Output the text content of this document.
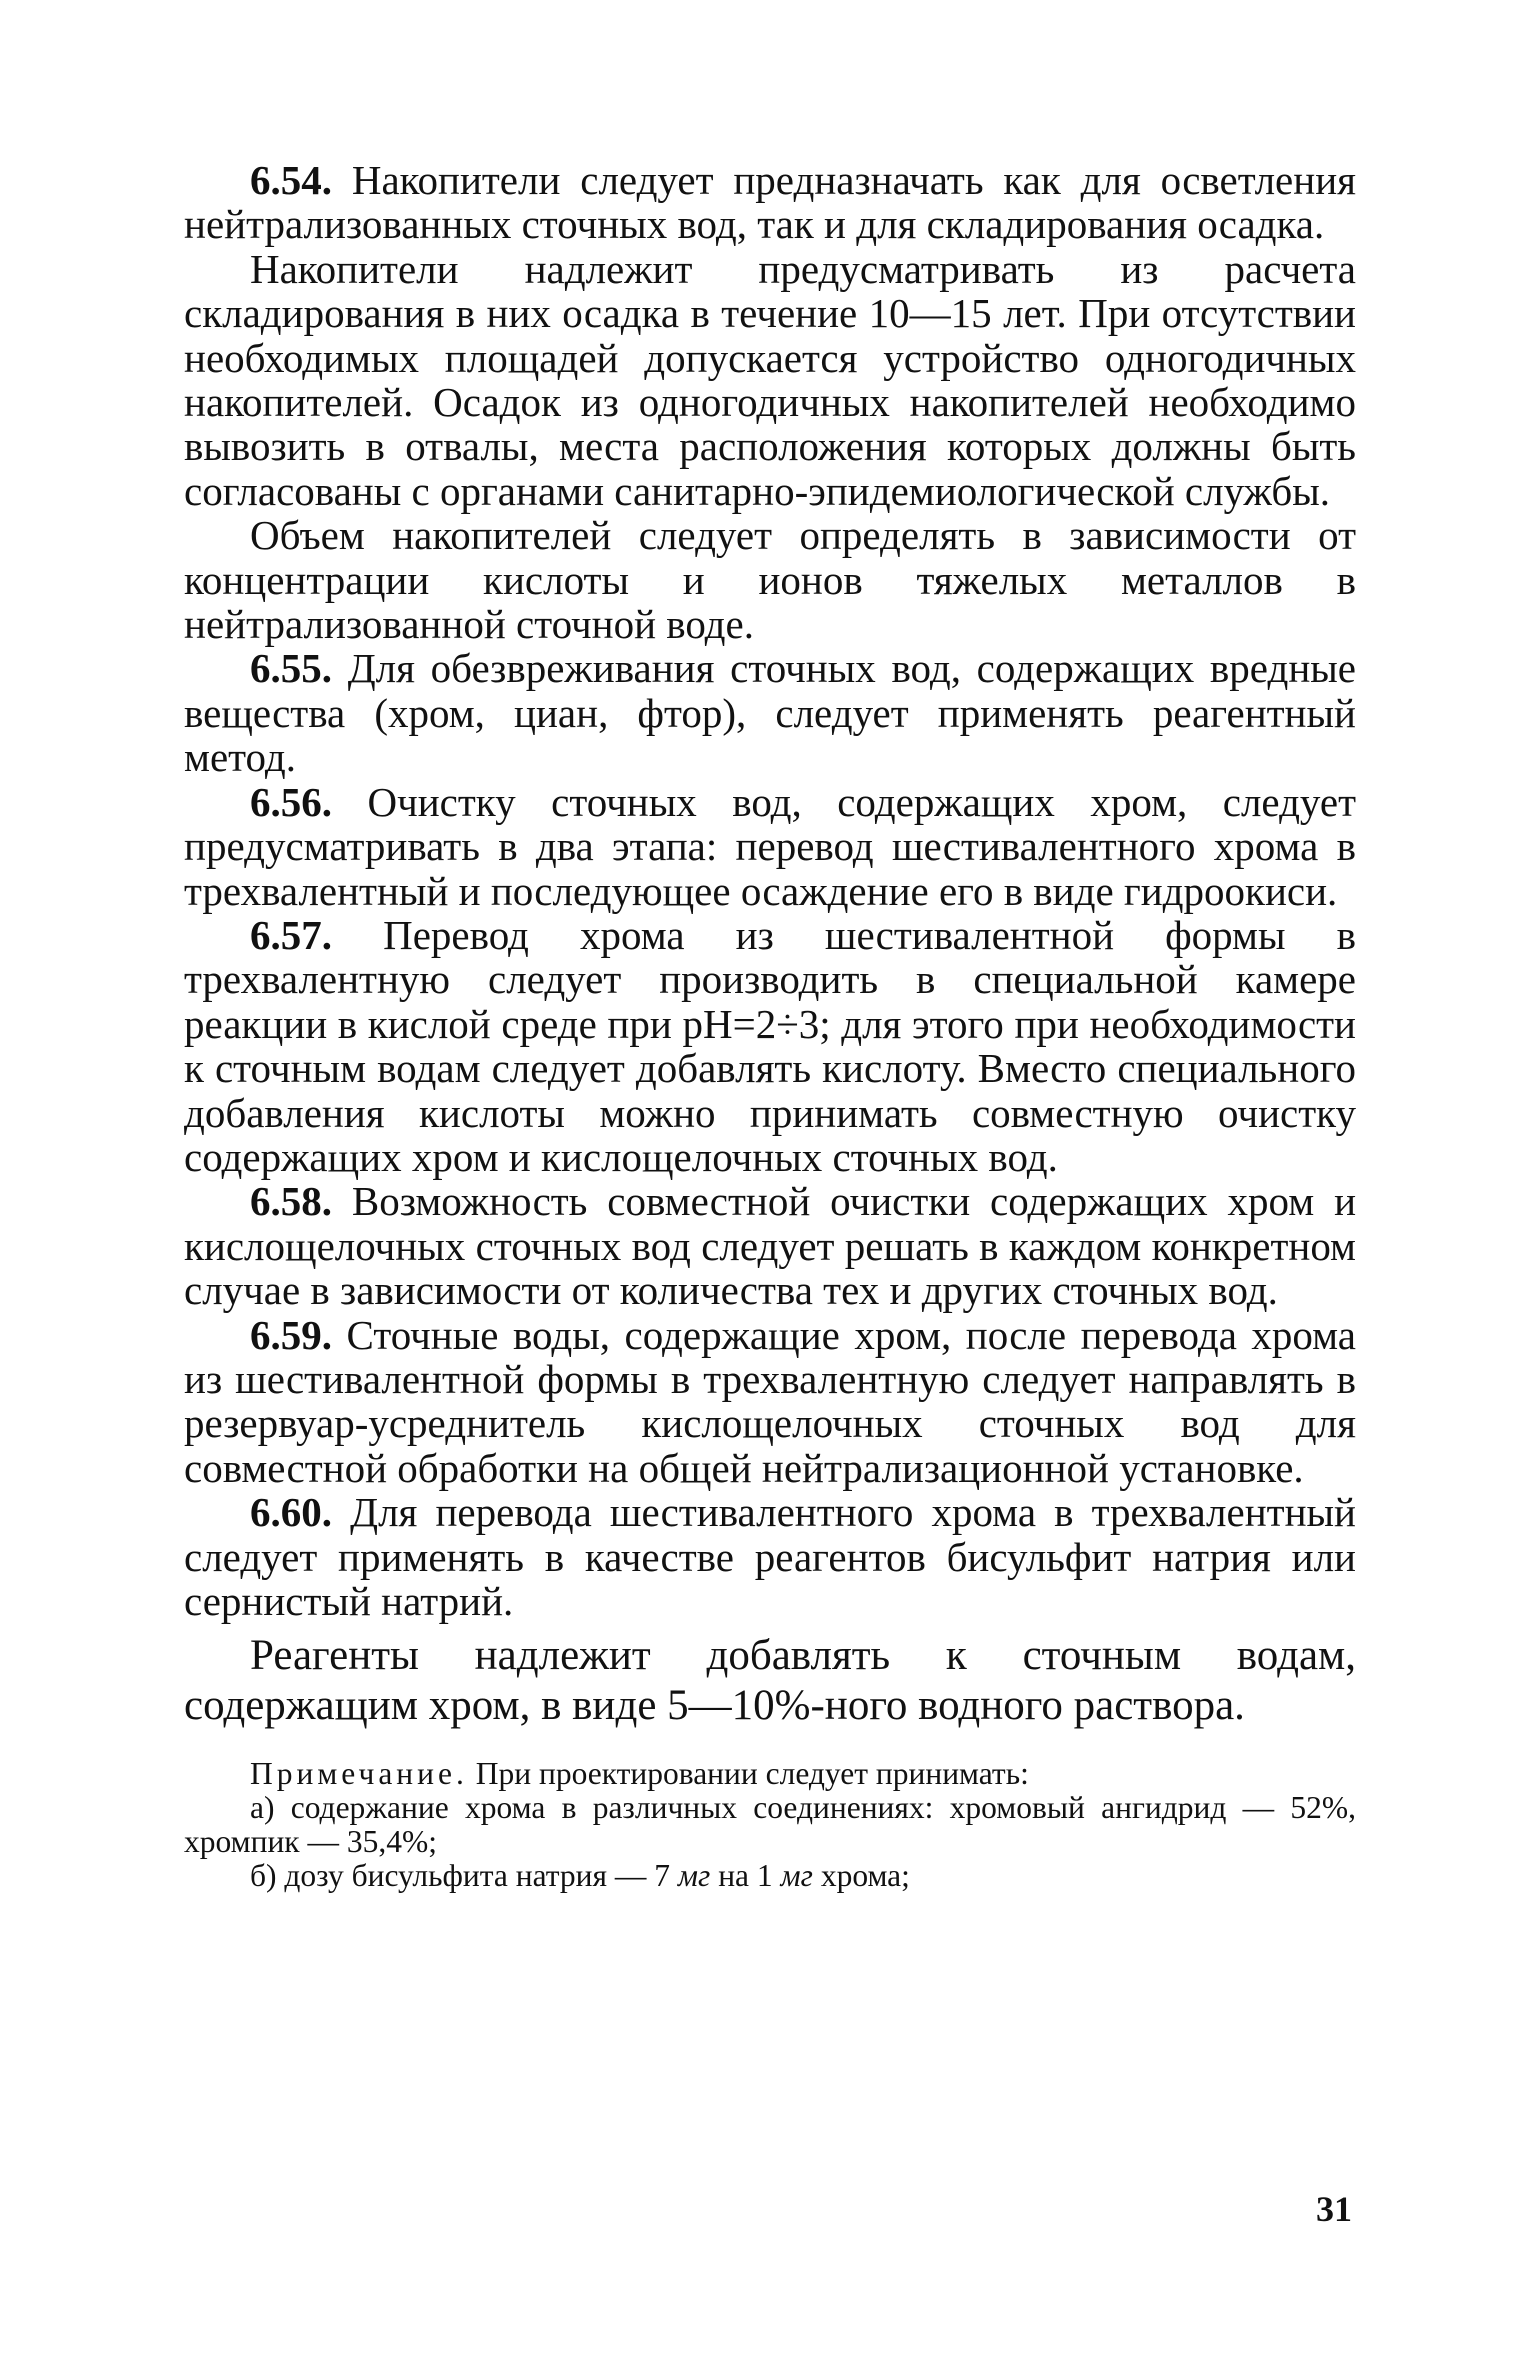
6.54. Накопители следует предназначать как для осветления нейтрализованных сточных вод, так и для складирования осадка.

Накопители надлежит предусматривать из расчета складирования в них осадка в течение 10—15 лет. При отсутствии необходимых площадей допускается устройство одногодичных накопителей. Осадок из одногодичных накопителей необходимо вывозить в отвалы, места расположения которых должны быть согласованы с органами санитарно-эпидемиологической службы.

Объем накопителей следует определять в зависимости от концентрации кислоты и ионов тяжелых металлов в нейтрализованной сточной воде.

6.55. Для обезвреживания сточных вод, содержащих вредные вещества (хром, циан, фтор), следует применять реагентный метод.

6.56. Очистку сточных вод, содержащих хром, следует предусматривать в два этапа: перевод шестивалентного хрома в трехвалентный и последующее осаждение его в виде гидроокиси.

6.57. Перевод хрома из шестивалентной формы в трехвалентную следует производить в специальной камере реакции в кислой среде при pH=2÷3; для этого при необходимости к сточным водам следует добавлять кислоту. Вместо специального добавления кислоты можно принимать совместную очистку содержащих хром и кислощелочных сточных вод.

6.58. Возможность совместной очистки содержащих хром и кислощелочных сточных вод следует решать в каждом конкретном случае в зависимости от количества тех и других сточных вод.

6.59. Сточные воды, содержащие хром, после перевода хрома из шестивалентной формы в трехвалентную следует направлять в резервуар-усреднитель кислощелочных сточных вод для совместной обработки на общей нейтрализационной установке.

6.60. Для перевода шестивалентного хрома в трехвалентный следует применять в качестве реагентов бисульфит натрия или сернистый натрий.

Реагенты надлежит добавлять к сточным водам, содержащим хром, в виде 5—10%-ного водного раствора.

Примечание. При проектировании следует принимать:

а) содержание хрома в различных соединениях: хромовый ангидрид — 52%, хромпик — 35,4%;

б) дозу бисульфита натрия — 7 мг на 1 мг хрома;

31
